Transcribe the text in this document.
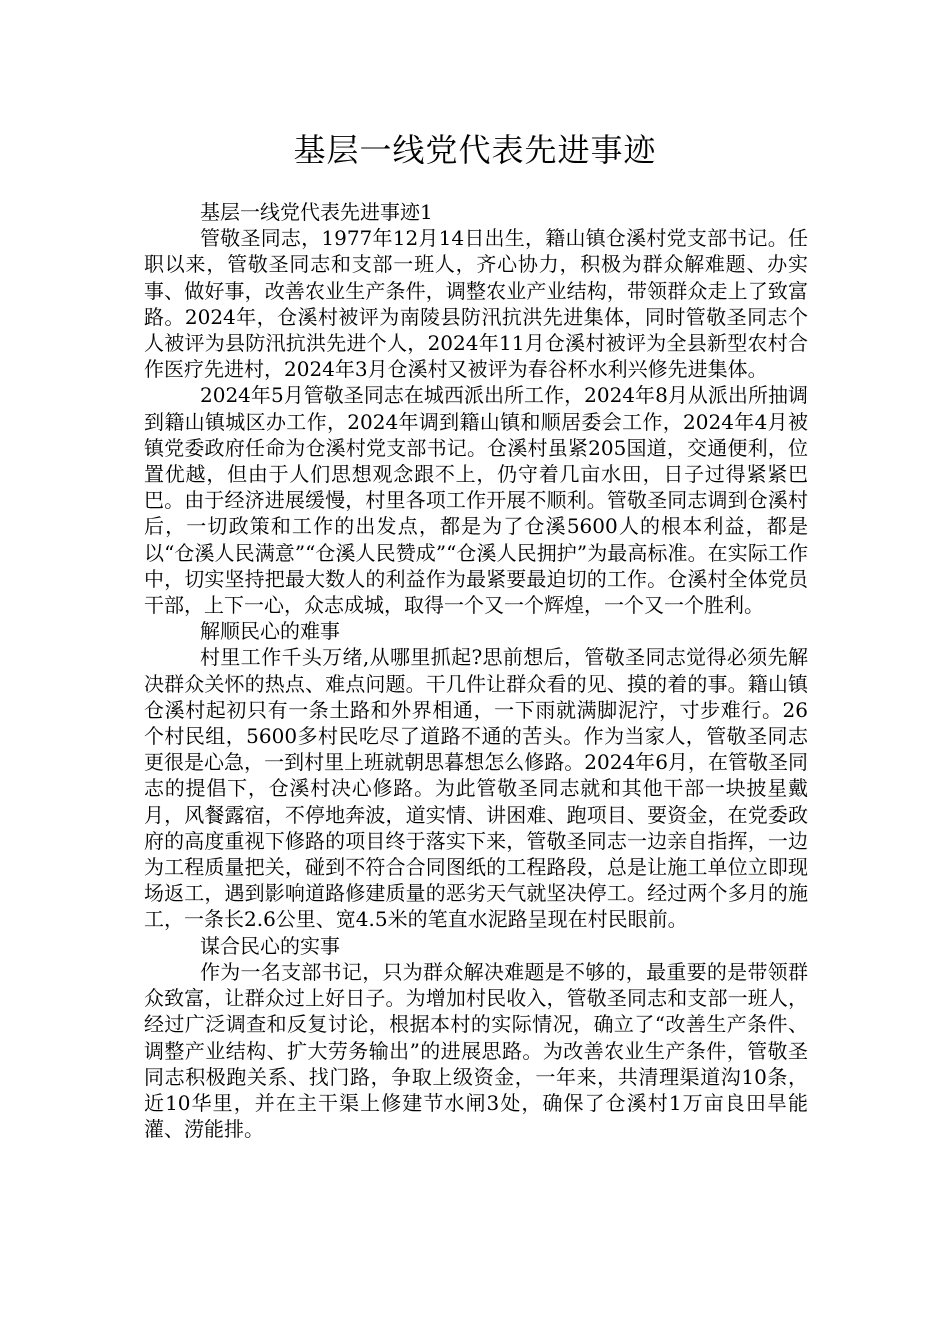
基层一线党代表先进事迹

基层一线党代表先进事迹1

管敬圣同志，1977年12月14日出生，籍山镇仓溪村党支部书记。任职以来，管敬圣同志和支部一班人，齐心协力，积极为群众解难题、办实事、做好事，改善农业生产条件，调整农业产业结构，带领群众走上了致富路。2024年，仓溪村被评为南陵县防汛抗洪先进集体，同时管敬圣同志个人被评为县防汛抗洪先进个人，2024年11月仓溪村被评为全县新型农村合作医疗先进村，2024年3月仓溪村又被评为春谷杯水利兴修先进集体。

2024年5月管敬圣同志在城西派出所工作，2024年8月从派出所抽调到籍山镇城区办工作，2024年调到籍山镇和顺居委会工作，2024年4月被镇党委政府任命为仓溪村党支部书记。仓溪村虽紧205国道，交通便利，位置优越，但由于人们思想观念跟不上，仍守着几亩水田，日子过得紧紧巴巴。由于经济进展缓慢，村里各项工作开展不顺利。管敬圣同志调到仓溪村后，一切政策和工作的出发点，都是为了仓溪5600人的根本利益，都是以“仓溪人民满意”“仓溪人民赞成”“仓溪人民拥护”为最高标准。在实际工作中，切实坚持把最大数人的利益作为最紧要最迫切的工作。仓溪村全体党员干部，上下一心，众志成城，取得一个又一个辉煌，一个又一个胜利。

解顺民心的难事

村里工作千头万绪,从哪里抓起?思前想后，管敬圣同志觉得必须先解决群众关怀的热点、难点问题。干几件让群众看的见、摸的着的事。籍山镇仓溪村起初只有一条土路和外界相通，一下雨就满脚泥泞，寸步难行。26个村民组，5600多村民吃尽了道路不通的苦头。作为当家人，管敬圣同志更很是心急，一到村里上班就朝思暮想怎么修路。2024年6月，在管敬圣同志的提倡下，仓溪村决心修路。为此管敬圣同志就和其他干部一块披星戴月，风餐露宿，不停地奔波，道实情、讲困难、跑项目、要资金，在党委政府的高度重视下修路的项目终于落实下来，管敬圣同志一边亲自指挥，一边为工程质量把关，碰到不符合合同图纸的工程路段，总是让施工单位立即现场返工，遇到影响道路修建质量的恶劣天气就坚决停工。经过两个多月的施工，一条长2.6公里、宽4.5米的笔直水泥路呈现在村民眼前。

谋合民心的实事

作为一名支部书记，只为群众解决难题是不够的，最重要的是带领群众致富，让群众过上好日子。为增加村民收入，管敬圣同志和支部一班人，经过广泛调查和反复讨论，根据本村的实际情况，确立了“改善生产条件、调整产业结构、扩大劳务输出”的进展思路。为改善农业生产条件，管敬圣同志积极跑关系、找门路，争取上级资金，一年来，共清理渠道沟10条，近10华里，并在主干渠上修建节水闸3处，确保了仓溪村1万亩良田旱能灌、涝能排。
